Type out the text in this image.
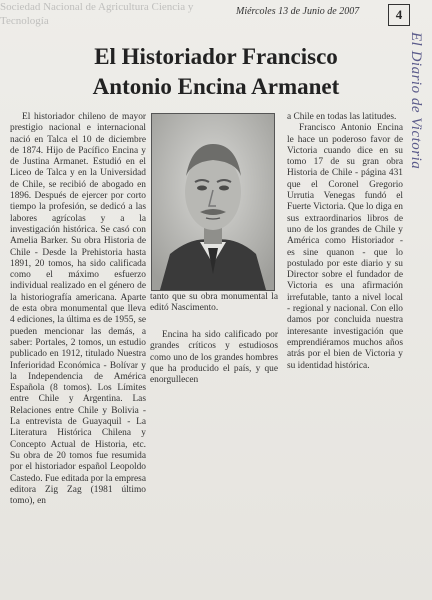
Sociedad Nacional de Agricultura Ciencia y Tecnología
Miércoles 13 de Junio de 2007	4
El Diario de Victoria
El Historiador Francisco
Antonio Encina Armanet

El historiador chileno de mayor prestigio nacional e internacional nació en Talca el 10 de diciembre de 1874. Hijo de Pacífico Encina y de Justina Armanet. Estudió en el Liceo de Talca y en la Universidad de Chile, se recibió de abogado en 1896. Después de ejercer por corto tiempo la profesión, se dedicó a las labores agrícolas y a la investigación histórica. Se casó con Amelia Barker. Su obra Historia de Chile - Desde la Prehistoria hasta 1891, 20 tomos, ha sido calificada como el máximo esfuerzo individual realizado en el género de la historiografía americana. Aparte de esta obra monumental que lleva 4 ediciones, la última es de 1955, se pueden mencionar las demás, a saber: Portales, 2 tomos, un estudio publicado en 1912, titulado Nuestra Inferioridad Económica - Bolívar y la Independencia de América Española (8 tomos). Los Límites entre Chile y Argentina. Las Relaciones entre Chile y Bolivia - La entrevista de Guayaquil - La Literatura Histórica Chilena y Concepto Actual de Historia, etc. Su obra de 20 tomos fue resumida por el historiador español Leopoldo Castedo. Fue editada por la empresa editora Zig Zag (1981 último tomo), en

tanto que su obra monumental la editó Nascimento.

Encina ha sido calificado por grandes críticos y estudiosos como uno de los grandes hombres que ha producido el país, y que enorgullecen

a Chile en todas las latitudes.

Francisco Antonio Encina le hace un poderoso favor de Victoria cuando dice en su tomo 17 de su gran obra Historia de Chile - página 431 que el Coronel Gregorio Urrutia Venegas fundó el Fuerte Victoria. Que lo diga en sus extraordinarios libros de uno de los grandes de Chile y América como Historiador - es sine quanon - que lo postulado por este diario y su Director sobre el fundador de Victoria es una afirmación irrefutable, tanto a nivel local - regional y nacional. Con ello damos por concluida nuestra interesante investigación que emprendiéramos muchos años atrás por el bien de Victoria y su identidad histórica.
